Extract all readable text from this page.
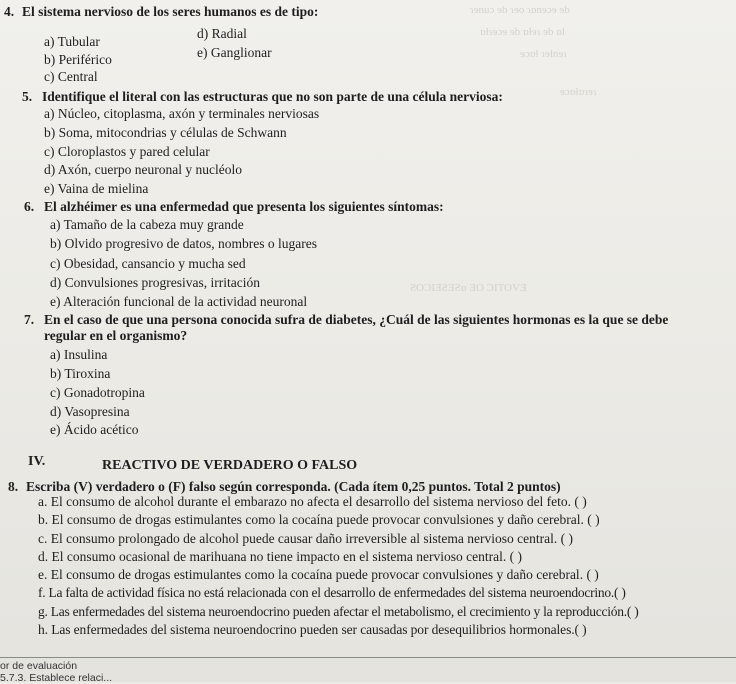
ɿɘnuɔ ɘb ɿɘo ɿɒnɘɔɘ ɘb
ɒƚɿɘɔɘ ɘb ɒƚɘɿ ɘb ɒl
ɘɔɒƚ ɿɘƚnɘɿ
ɘɔɒƚɒɿɘɿ
ƧOƆIƎƧƎƧɒ ƎO ƆITOVƎ
4. El sistema nervioso de los seres humanos es de tipo:
a) Tubular
d) Radial
b) Periférico	e) Ganglionar
c) Central
5. Identifique el literal con las estructuras que no son parte de una célula nerviosa:
a) Núcleo, citoplasma, axón y terminales nerviosas
b) Soma, mitocondrias y células de Schwann
c) Cloroplastos y pared celular
d) Axón, cuerpo neuronal y nucléolo
e) Vaina de mielina
6. El alzhéimer es una enfermedad que presenta los siguientes síntomas:
a) Tamaño de la cabeza muy grande
b) Olvido progresivo de datos, nombres o lugares
c) Obesidad, cansancio y mucha sed
d) Convulsiones progresivas, irritación
e) Alteración funcional de la actividad neuronal
7. En el caso de que una persona conocida sufra de diabetes, ¿Cuál de las siguientes hormonas es la que se debe
regular en el organismo?
a) Insulina
b) Tiroxina
c) Gonadotropina
d) Vasopresina
e) Ácido acético
IV.	REACTIVO DE VERDADERO O FALSO
8. Escriba (V) verdadero o (F) falso según corresponda. (Cada ítem 0,25 puntos. Total 2 puntos)
a. El consumo de alcohol durante el embarazo no afecta el desarrollo del sistema nervioso del feto. ( )
b. El consumo de drogas estimulantes como la cocaína puede provocar convulsiones y daño cerebral. ( )
c. El consumo prolongado de alcohol puede causar daño irreversible al sistema nervioso central. ( )
d. El consumo ocasional de marihuana no tiene impacto en el sistema nervioso central. ( )
e. El consumo de drogas estimulantes como la cocaína puede provocar convulsiones y daño cerebral. ( )
f. La falta de actividad física no está relacionada con el desarrollo de enfermedades del sistema neuroendocrino.( )
g. Las enfermedades del sistema neuroendocrino pueden afectar el metabolismo, el crecimiento y la reproducción.( )
h. Las enfermedades del sistema neuroendocrino pueden ser causadas por desequilibrios hormonales.( )
or de evaluación
5.7.3. Establece relaci...
